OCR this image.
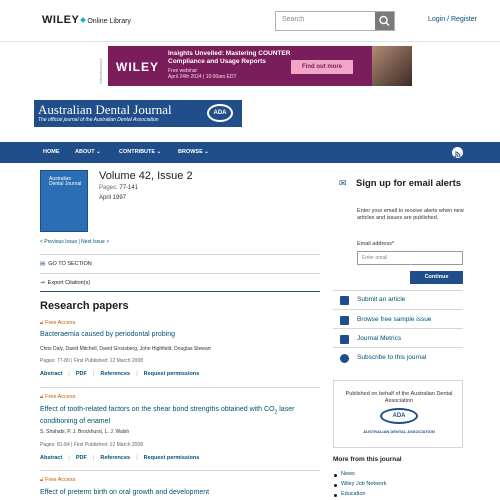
WILEY Online Library	Search	Login / Register
Advertisement WILEY
Insights Unveiled: Mastering COUNTER Compliance and Usage Reports
Free webinar
April 24th 2024 | 10:00am EDT
Find out more
Australian Dental Journal
The official journal of the Australian Dental Association
ADA
HOME	ABOUT ⌄	CONTRIBUTE ⌄	BROWSE ⌄
Australian Dental Journal
Volume 42, Issue 2
Pages: 77-141
April 1997
< Previous Issue | Next Issue >
▤ GO TO SECTION
⇥ Export Citation(s)
Research papers
🔓︎ Free Access
Bacteraemia caused by periodontal probing
Chris Daly, David Mitchell, David Grossberg, John Highfield, Douglas Stewart
Pages: 77-80 | First Published: 12 March 2008
Abstract | PDF | References | Request permissions
🔓︎ Free Access
Effect of tooth-related factors on the shear bond strengths obtained with $CO_2$ laser conditioning of enamel
S. Shahabi, P. J. Brockhurst, L. J. Walsh
Pages: 81-84 | First Published: 12 March 2008
Abstract | PDF | References | Request permissions
🔓︎ Free Access
Effect of preterm birth on oral growth and development
✉ Sign up for email alerts
Enter your email to receive alerts when new articles and issues are published.
Email address*
Enter email
Continue
Submit an article
Browse free sample issue
Journal Metrics
Subscribe to this journal
Published on behalf of the Australian Dental Association
ADA
AUSTRALIAN DENTAL ASSOCIATION
More from this journal
News
Wiley Job Network
Education
